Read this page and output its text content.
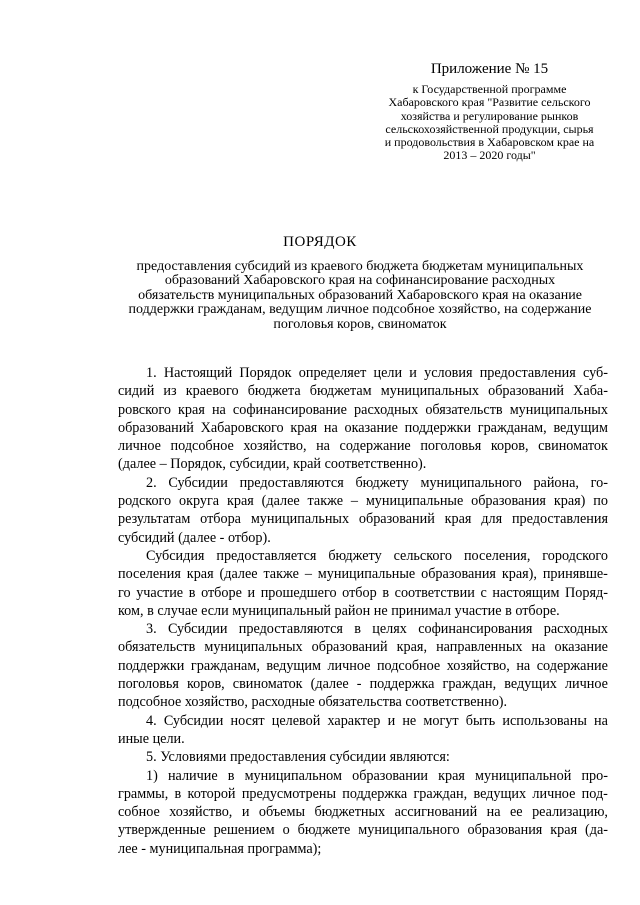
Приложение № 15
к Государственной программе
Хабаровского края "Развитие сельского
хозяйства и регулирование рынков
сельскохозяйственной продукции, сырья
и продовольствия в Хабаровском крае на
2013 – 2020 годы"
ПОРЯДОК
предоставления субсидий из краевого бюджета бюджетам муниципальных
образований Хабаровского края на софинансирование расходных
обязательств муниципальных образований Хабаровского края на оказание
поддержки гражданам, ведущим личное подсобное хозяйство, на содержание
поголовья коров, свиноматок
1. Настоящий Порядок определяет цели и условия предоставления суб-
сидий из краевого бюджета бюджетам муниципальных образований Хаба-
ровского края на софинансирование расходных обязательств муниципальных
образований Хабаровского края на оказание поддержки гражданам, ведущим
личное подсобное хозяйство, на содержание поголовья коров, свиноматок
(далее – Порядок, субсидии, край соответственно).
2. Субсидии предоставляются бюджету муниципального района, го-
родского округа края (далее также – муниципальные образования края) по
результатам отбора муниципальных образований края для предоставления
субсидий (далее - отбор).
Субсидия предоставляется бюджету сельского поселения, городского
поселения края (далее также – муниципальные образования края), принявше-
го участие в отборе и прошедшего отбор в соответствии с настоящим Поряд-
ком, в случае если муниципальный район не принимал участие в отборе.
3. Субсидии предоставляются в целях софинансирования расходных
обязательств муниципальных образований края, направленных на оказание
поддержки гражданам, ведущим личное подсобное хозяйство, на содержание
поголовья коров, свиноматок (далее - поддержка граждан, ведущих личное
подсобное хозяйство, расходные обязательства соответственно).
4. Субсидии носят целевой характер и не могут быть использованы на
иные цели.
5. Условиями предоставления субсидии являются:
1) наличие в муниципальном образовании края муниципальной про-
граммы, в которой предусмотрены поддержка граждан, ведущих личное под-
собное хозяйство, и объемы бюджетных ассигнований на ее реализацию,
утвержденные решением о бюджете муниципального образования края (да-
лее - муниципальная программа);
